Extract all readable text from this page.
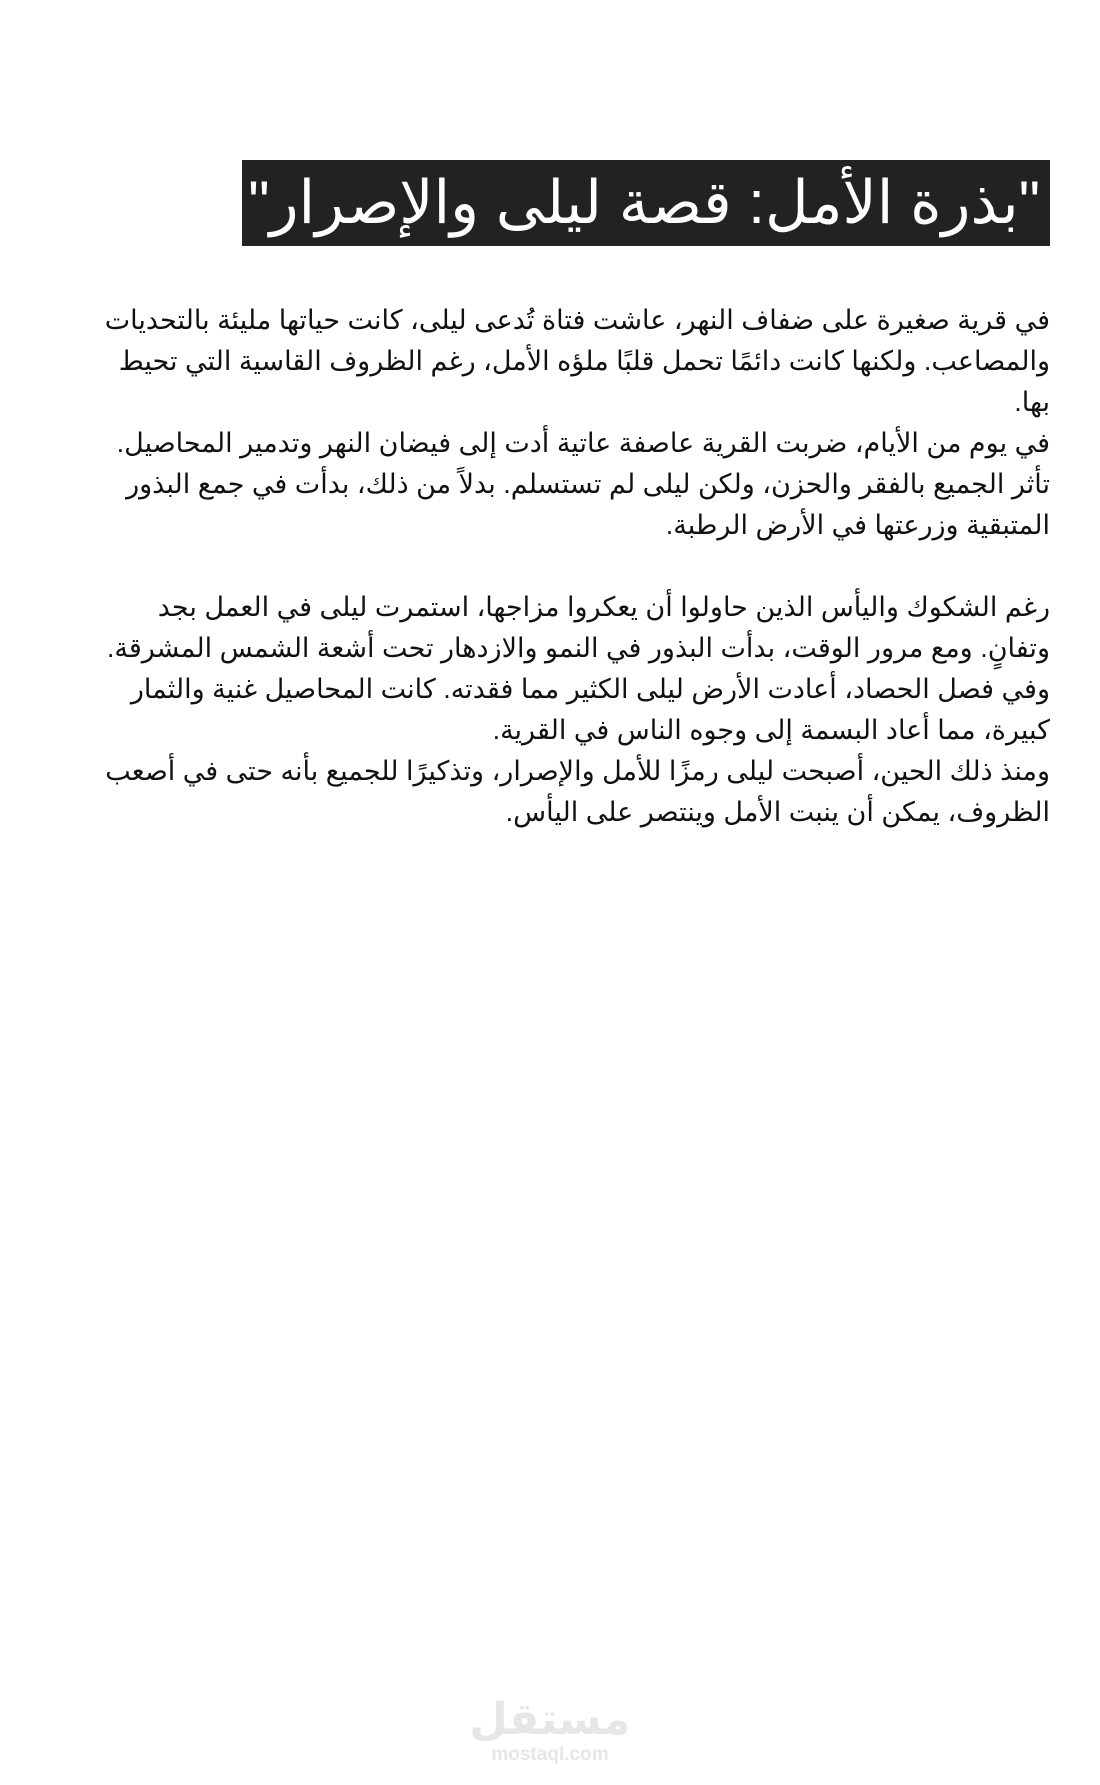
"بذرة الأمل: قصة ليلى والإصرار"

في قرية صغيرة على ضفاف النهر، عاشت فتاة تُدعى ليلى، كانت حياتها مليئة بالتحديات والمصاعب. ولكنها كانت دائمًا تحمل قلبًا ملؤه الأمل، رغم الظروف القاسية التي تحيط بها.

في يوم من الأيام، ضربت القرية عاصفة عاتية أدت إلى فيضان النهر وتدمير المحاصيل. تأثر الجميع بالفقر والحزن، ولكن ليلى لم تستسلم. بدلاً من ذلك، بدأت في جمع البذور المتبقية وزرعتها في الأرض الرطبة.

رغم الشكوك واليأس الذين حاولوا أن يعكروا مزاجها، استمرت ليلى في العمل بجد وتفانٍ. ومع مرور الوقت، بدأت البذور في النمو والازدهار تحت أشعة الشمس المشرقة.

وفي فصل الحصاد، أعادت الأرض ليلى الكثير مما فقدته. كانت المحاصيل غنية والثمار كبيرة، مما أعاد البسمة إلى وجوه الناس في القرية.

ومنذ ذلك الحين، أصبحت ليلى رمزًا للأمل والإصرار، وتذكيرًا للجميع بأنه حتى في أصعب الظروف، يمكن أن ينبت الأمل وينتصر على اليأس.

مستقل
mostaql.com
